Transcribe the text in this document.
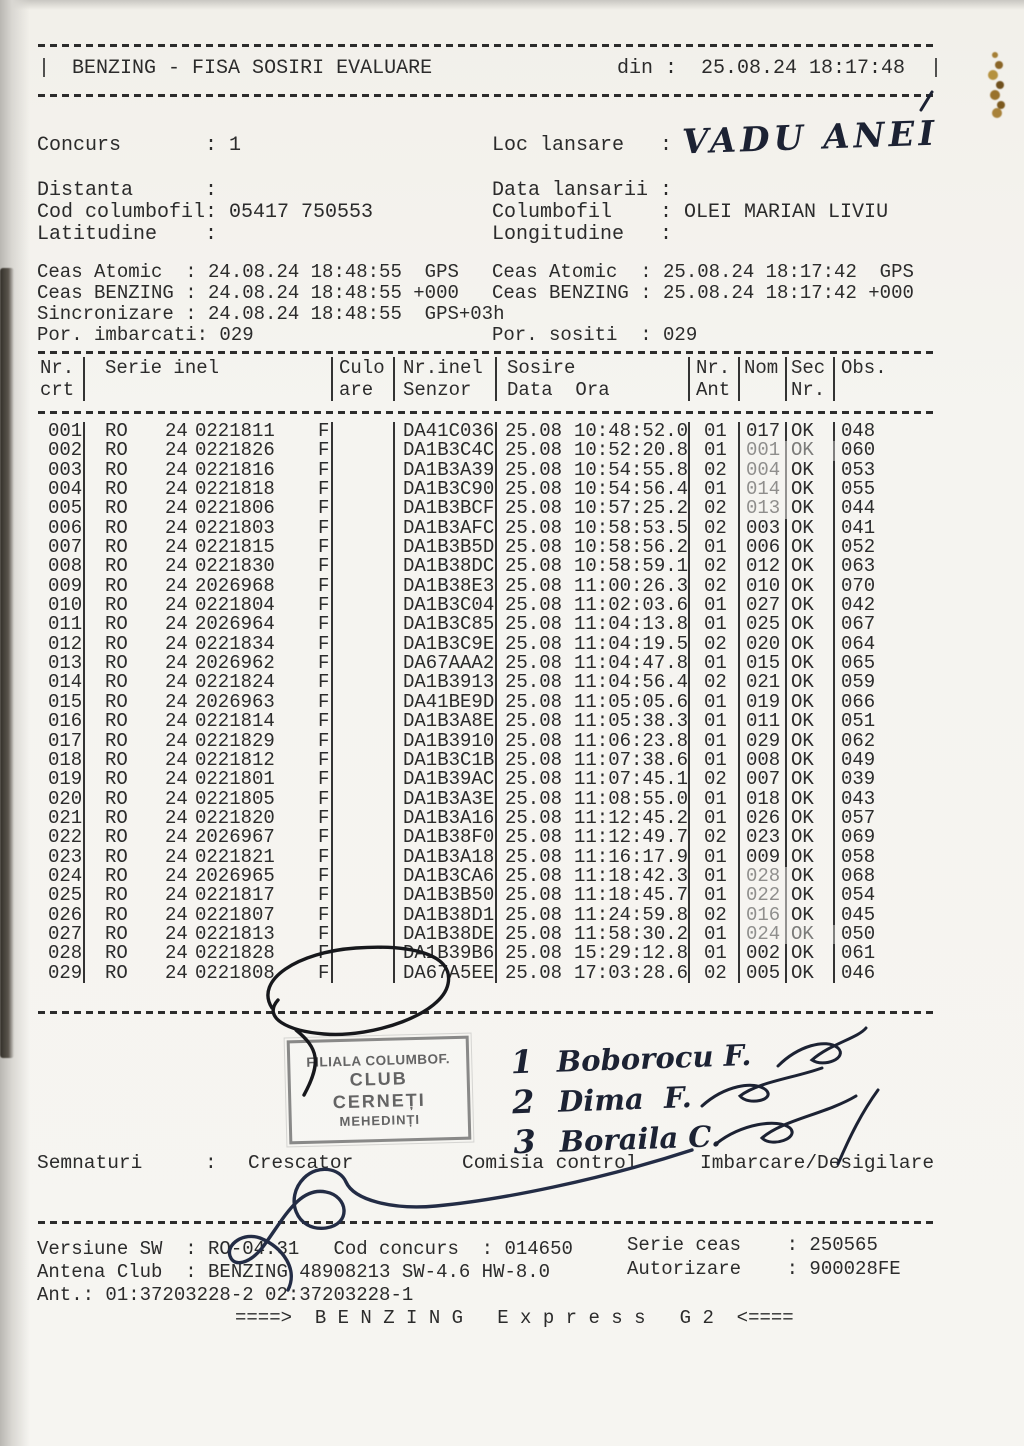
| BENZING - FISA SOSIRI EVALUARE	din :  25.08.24 18:17:48 |
Concurs       : 1	Loc lansare   :
Distanta      :	Data lansarii :
Cod columbofil: 05417 750553	Columbofil    : OLEI MARIAN LIVIU
Latitudine    :	Longitudine   :
VADU ANEI
Ceas Atomic  : 24.08.24 18:48:55  GPS Ceas Atomic  : 25.08.24 18:17:42  GPS
Ceas BENZING : 24.08.24 18:48:55 +000 Ceas BENZING : 25.08.24 18:17:42 +000
Sincronizare : 24.08.24 18:48:55  GPS+03h
Por. imbarcati: 029	Por. sositi  : 029
Nr.	Serie inel	Culo Nr.inel	Sosire	Nr. Nom Sec Obs.
crt	are	Senzor	Data  Ora	Ant	Nr.
001	RO 24 0221811 F	DA41C036 25.08 10:48:52.0 01	017 OK	048
002	RO 24 0221826 F	DA1B3C4C 25.08 10:52:20.8 01	001 OK	060
003	RO 24 0221816 F	DA1B3A39 25.08 10:54:55.8 02	004 OK	053
004	RO 24 0221818 F	DA1B3C90 25.08 10:54:56.4 01	014 OK	055
005	RO 24 0221806 F	DA1B3BCF 25.08 10:57:25.2 02	013 OK	044
006	RO 24 0221803 F	DA1B3AFC 25.08 10:58:53.5 02	003 OK	041
007	RO 24 0221815 F	DA1B3B5D 25.08 10:58:56.2 01	006 OK	052
008	RO 24 0221830 F	DA1B38DC 25.08 10:58:59.1 02	012 OK	063
009	RO 24 2026968 F	DA1B38E3 25.08 11:00:26.3 02	010 OK	070
010	RO 24 0221804 F	DA1B3C04 25.08 11:02:03.6 01	027 OK	042
011	RO 24 2026964 F	DA1B3C85 25.08 11:04:13.8 01	025 OK	067
012	RO 24 0221834 F	DA1B3C9E 25.08 11:04:19.5 02	020 OK	064
013	RO 24 2026962 F	DA67AAA2 25.08 11:04:47.8 01	015 OK	065
014	RO 24 0221824 F	DA1B3913 25.08 11:04:56.4 02	021 OK	059
015	RO 24 2026963 F	DA41BE9D 25.08 11:05:05.6 01	019 OK	066
016	RO 24 0221814 F	DA1B3A8E 25.08 11:05:38.3 01	011 OK	051
017	RO 24 0221829 F	DA1B3910 25.08 11:06:23.8 01	029 OK	062
018	RO 24 0221812 F	DA1B3C1B 25.08 11:07:38.6 01	008 OK	049
019	RO 24 0221801 F	DA1B39AC 25.08 11:07:45.1 02	007 OK	039
020	RO 24 0221805 F	DA1B3A3E 25.08 11:08:55.0 01	018 OK	043
021	RO 24 0221820 F	DA1B3A16 25.08 11:12:45.2 01	026 OK	057
022	RO 24 2026967 F	DA1B38F0 25.08 11:12:49.7 02	023 OK	069
023	RO 24 0221821 F	DA1B3A18 25.08 11:16:17.9 01	009 OK	058
024	RO 24 2026965 F	DA1B3CA6 25.08 11:18:42.3 01	028 OK	068
025	RO 24 0221817 F	DA1B3B50 25.08 11:18:45.7 01	022 OK	054
026	RO 24 0221807 F	DA1B38D1 25.08 11:24:59.8 02	016 OK	045
027	RO 24 0221813 F	DA1B38DE 25.08 11:58:30.2 01	024 OK	050
028	RO 24 0221828 F	DA1B39B6 25.08 15:29:12.8 01	002 OK	061
029	RO 24 0221808 F	DA67A5EE 25.08 17:03:28.6 02	005 OK	046
FILIALA COLUMBOF.
CLUB
CERNEȚI
MEHEDINȚI
1 Boborocu F.
2 Dima  F.
3 Boraila C.
Semnaturi	: Crescator	Comisia control	Imbarcare/Desigilare
Versiune SW  : RO-04.31   Cod concurs  : 014650	Serie ceas    : 250565
Antena Club  : BENZING 48908213 SW-4.6 HW-8.0	Autorizare    : 900028FE
Ant.: 01:37203228-2 02:37203228-1
====>  B E N Z I N G   E x p r e s s   G 2  <====
